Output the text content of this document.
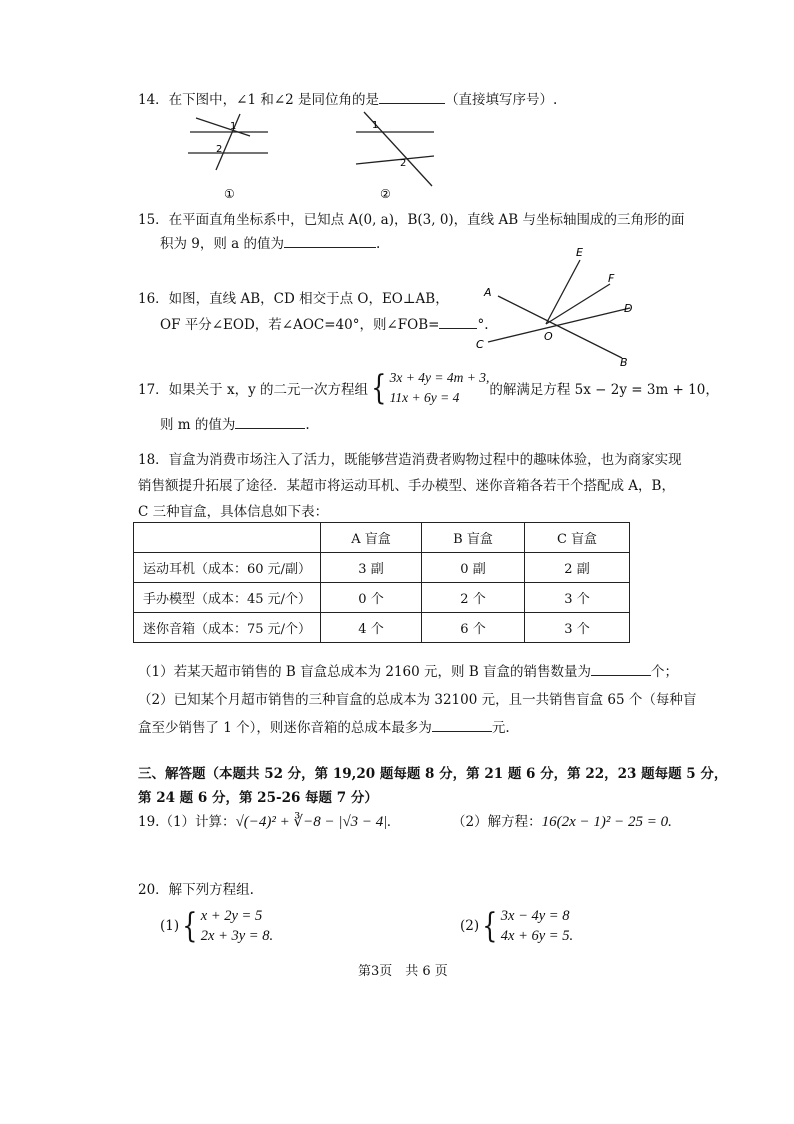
14．在下图中，∠1 和∠2 是同位角的是	（直接填写序号）.
1
2
①
1
2
②
15．在平面直角坐标系中，已知点 A(0, a)，B(3, 0)，直线 AB 与坐标轴围成的三角形的面
积为 9，则 a 的值为	.
16．如图，直线 AB，CD 相交于点 O，EO⊥AB，
OF 平分∠EOD，若∠AOC=40°，则∠FOB=	°.
E
F
A
D
O
C
B
17．如果关于 x，y 的二元一次方程组{ 3x + 4y = 4m + 3,
11x + 6y = 4 的解满足方程 5x − 2y = 3m + 10，
则 m 的值为	.
18．盲盒为消费市场注入了活力，既能够营造消费者购物过程中的趣味体验，也为商家实现
销售额提升拓展了途径．某超市将运动耳机、手办模型、迷你音箱各若干个搭配成 A，B，
C 三种盲盒，具体信息如下表：
	A 盲盒	B 盲盒	C 盲盒
运动耳机（成本：60 元/副）	3 副	0 副	2 副
手办模型（成本：45 元/个）	0 个	2 个	3 个
迷你音箱（成本：75 元/个）	4 个	6 个	3 个
（1）若某天超市销售的 B 盲盒总成本为 2160 元，则 B 盲盒的销售数量为	个；
（2）已知某个月超市销售的三种盲盒的总成本为 32100 元，且一共销售盲盒 65 个（每种盲
盒至少销售了 1 个），则迷你音箱的总成本最多为	元.
三、解答题（本题共 52 分，第 19,20 题每题 8 分，第 21 题 6 分，第 22，23 题每题 5 分，
第 24 题 6 分，第 25-26 每题 7 分）
19.（1）计算：√(−4)² + ∛−8 − |√3 − 4|.	（2）解方程：16(2x − 1)² − 25 = 0.
20．解下列方程组.
(1){ x + 2y = 5
2x + 3y = 8.
(2){ 3x − 4y = 8
4x + 6y = 5.
第3页　共 6 页
